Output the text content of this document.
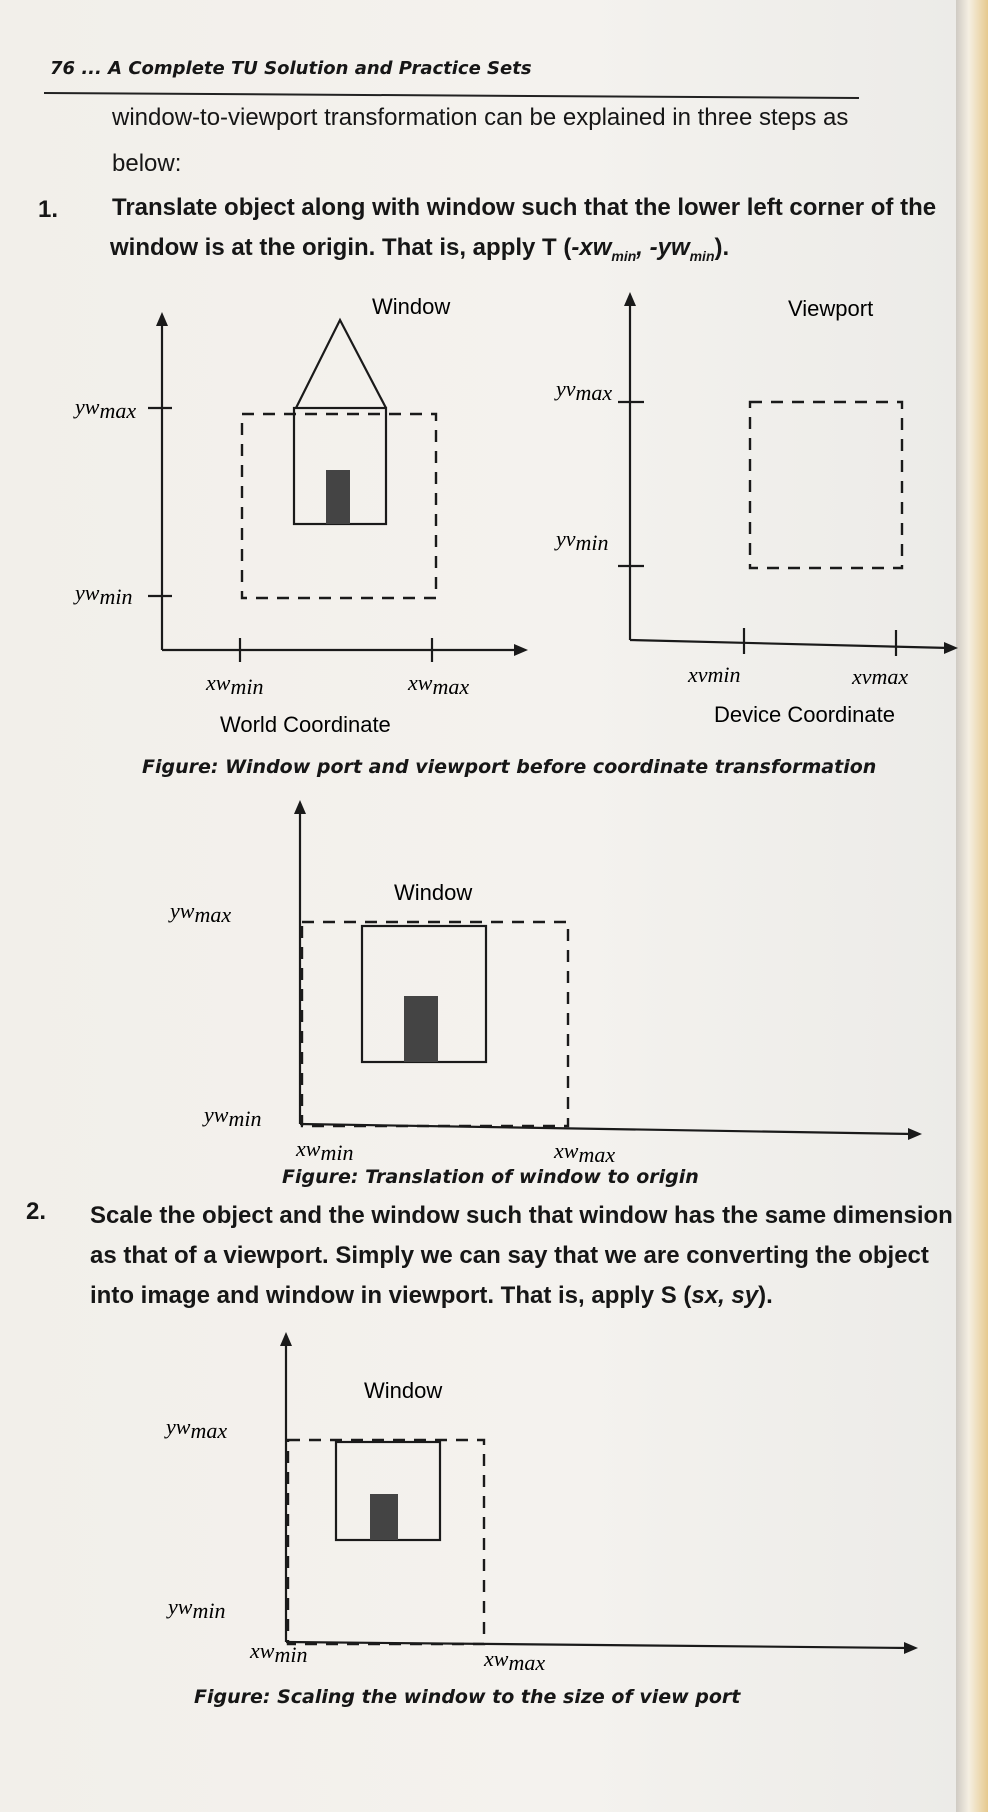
76 ... A Complete TU Solution and Practice Sets
window-to-viewport transformation can be explained in three steps as
below:
1. Translate object along with window such that the lower left corner of the
window is at the origin. That is, apply T ($-xw_{min}$, $-yw_{min}$).
ywmax
ywmin
xwmin	xwmax
Window
yvmax
yvmin
xvmin	xvmax
Viewport
World Coordinate	Device Coordinate
Figure: Window port and viewport before coordinate transformation
Window
ywmax
ywmin
xwmin	xwmax
Figure: Translation of window to origin
2. Scale the object and the window such that window has the same dimension
as that of a viewport. Simply we can say that we are converting the object
into image and window in viewport. That is, apply S (sx, sy).
Window
ywmax
ywmin
xwmin	xwmax
Figure: Scaling the window to the size of view port
